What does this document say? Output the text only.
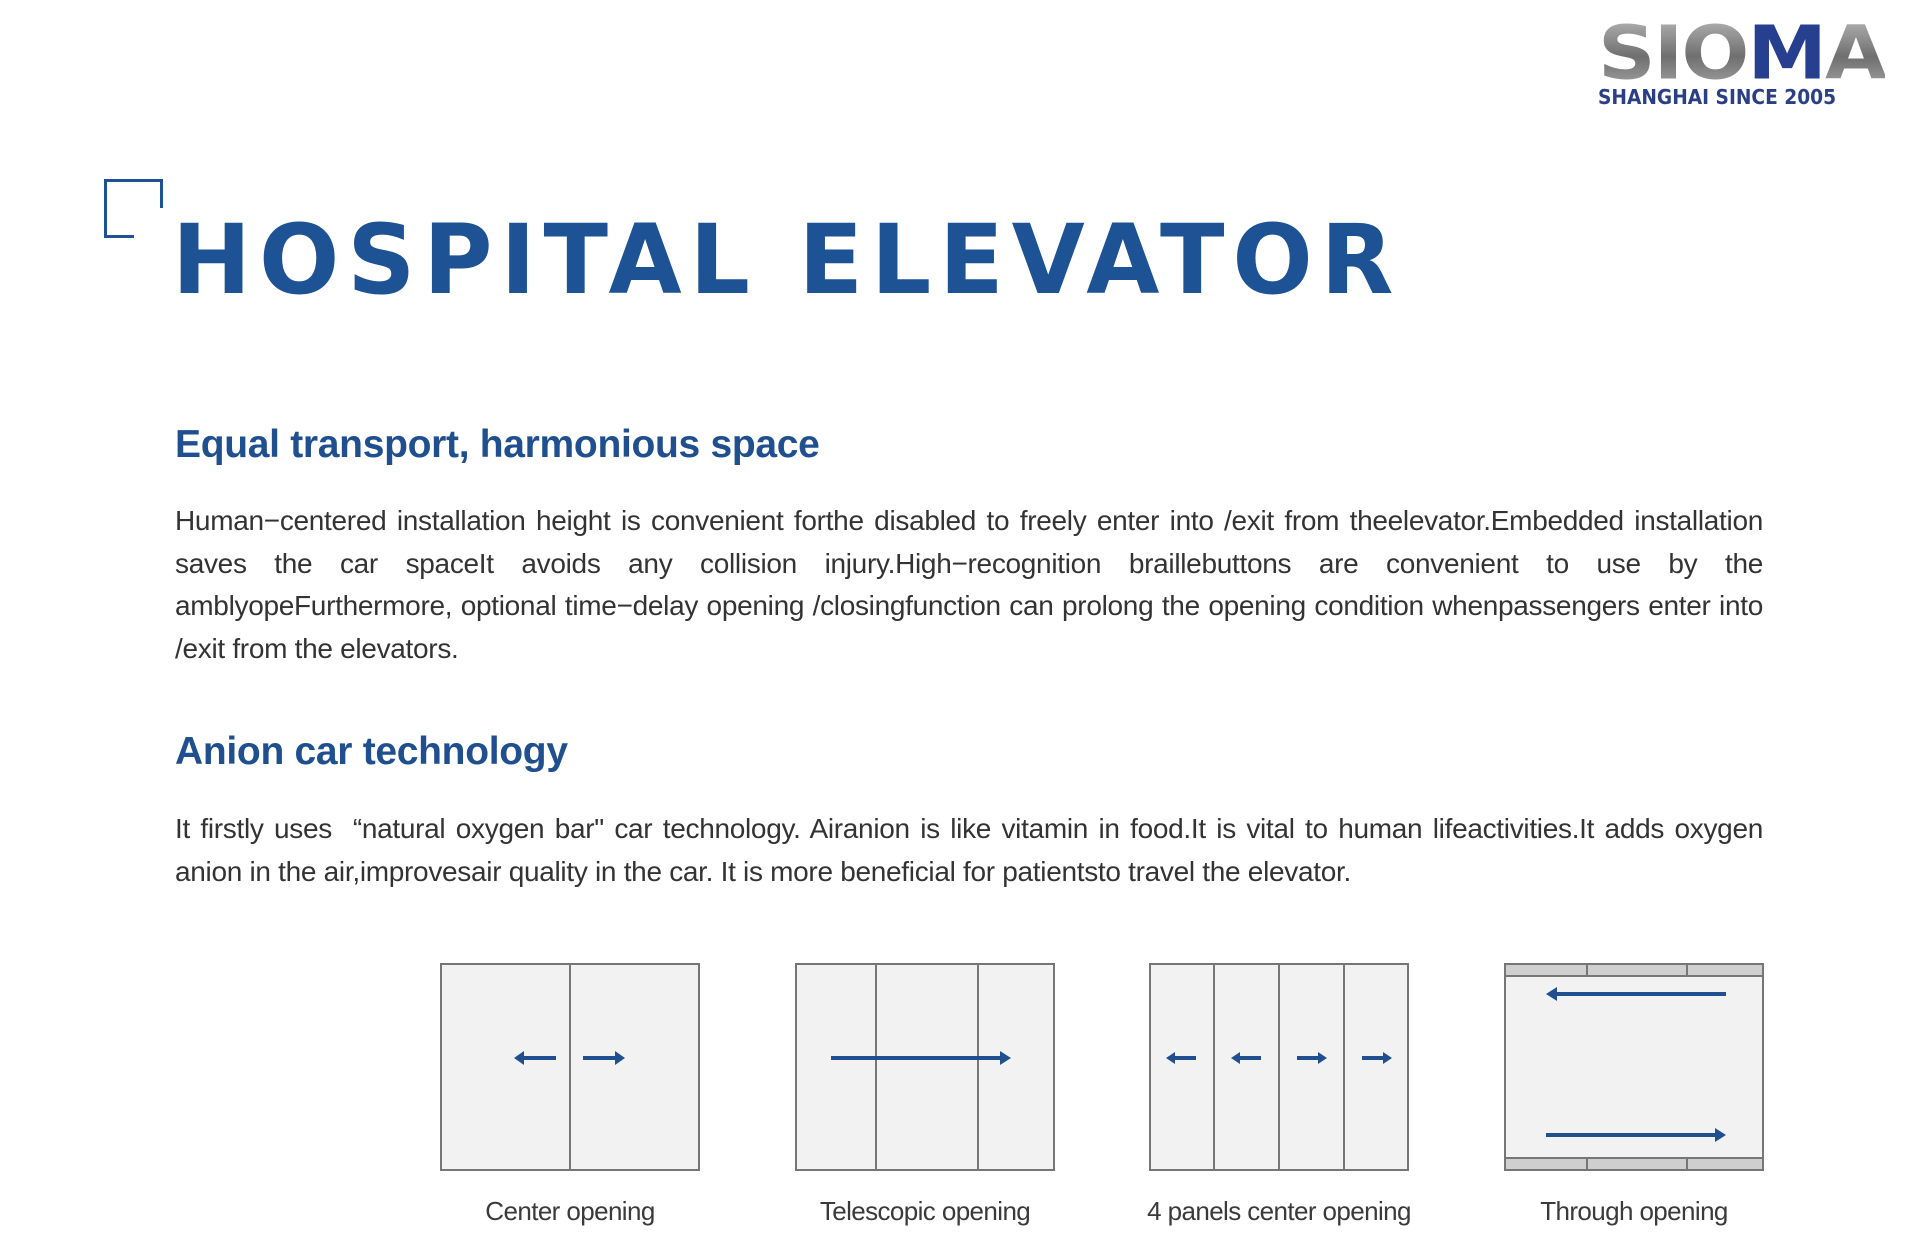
SI O M A
SHANGHAI SINCE 2005
HOSPITAL ELEVATOR
Equal transport, harmonious space
Human−centered installation height is convenient forthe disabled to freely enter into /exit from theelevator.Embedded installation saves the car spaceIt avoids any collision injury.High−recognition braillebuttons are convenient to use by the amblyopeFurthermore, optional time−delay opening /closingfunction can prolong the opening condition whenpassengers enter into /exit from the elevators.
Anion car technology
It firstly uses  “natural oxygen bar" car technology. Airanion is like vitamin in food.It is vital to human lifeactivities.It adds oxygen anion in the air,improvesair quality in the car. It is more beneficial for patientsto travel the elevator.
Center opening	Telescopic opening	4 panels center opening	Through opening
